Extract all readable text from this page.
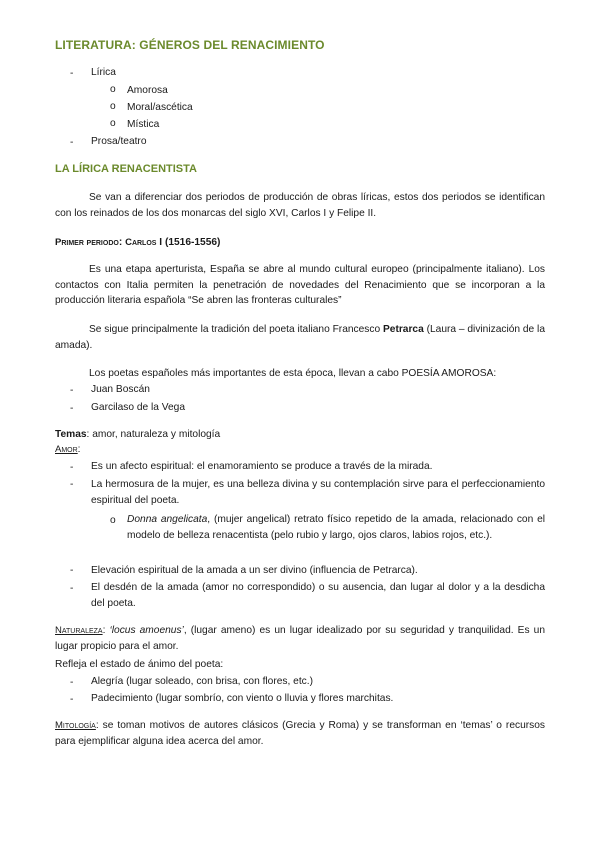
LITERATURA: GÉNEROS DEL RENACIMIENTO
- Lírica
o Amorosa
o Moral/ascética
o Mística
- Prosa/teatro
LA LÍRICA RENACENTISTA
Se van a diferenciar dos periodos de producción de obras líricas, estos dos periodos se identifican con los reinados de los dos monarcas del siglo XVI, Carlos I y Felipe II.
Primer periodo: Carlos I (1516-1556)
Es una etapa aperturista, España se abre al mundo cultural europeo (principalmente italiano). Los contactos con Italia permiten la penetración de novedades del Renacimiento que se incorporan a la producción literaria española “Se abren las fronteras culturales”
Se sigue principalmente la tradición del poeta italiano Francesco Petrarca (Laura – divinización de la amada).
Los poetas españoles más importantes de esta época, llevan a cabo POESÍA AMOROSA:
- Juan Boscán
- Garcilaso de la Vega
Temas: amor, naturaleza y mitología
Amor:
- Es un afecto espiritual: el enamoramiento se produce a través de la mirada.
- La hermosura de la mujer, es una belleza divina y su contemplación sirve para el perfeccionamiento espiritual del poeta.
o Donna angelicata, (mujer angelical) retrato físico repetido de la amada, relacionado con el modelo de belleza renacentista (pelo rubio y largo, ojos claros, labios rojos, etc.).
- Elevación espiritual de la amada a un ser divino (influencia de Petrarca).
- El desdén de la amada (amor no correspondido) o su ausencia, dan lugar al dolor y a la desdicha del poeta.
Naturaleza: ‘locus amoenus’, (lugar ameno) es un lugar idealizado por su seguridad y tranquilidad. Es un lugar propicio para el amor.
Refleja el estado de ánimo del poeta:
- Alegría (lugar soleado, con brisa, con flores, etc.)
- Padecimiento (lugar sombrío, con viento o lluvia y flores marchitas.
Mitología: se toman motivos de autores clásicos (Grecia y Roma) y se transforman en ‘temas’ o recursos para ejemplificar alguna idea acerca del amor.
